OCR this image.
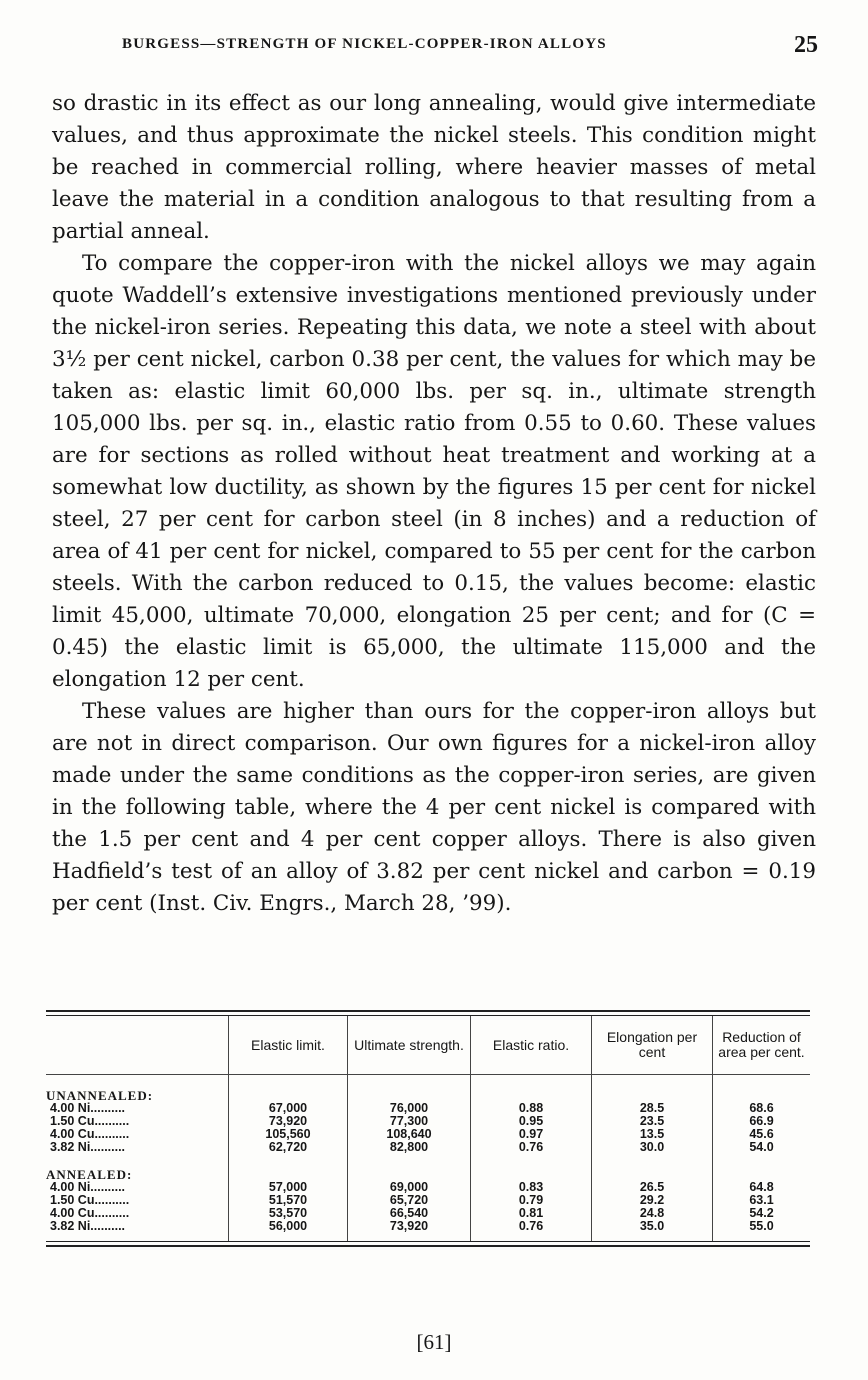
BURGESS—STRENGTH OF NICKEL-COPPER-IRON ALLOYS	25

so drastic in its effect as our long annealing, would give intermediate values, and thus approximate the nickel steels. This condition might be reached in commercial rolling, where heavier masses of metal leave the material in a condition analogous to that resulting from a partial anneal.

To compare the copper-iron with the nickel alloys we may again quote Waddell’s extensive investigations mentioned previously under the nickel-iron series. Repeating this data, we note a steel with about 3½ per cent nickel, carbon 0.38 per cent, the values for which may be taken as: elastic limit 60,000 lbs. per sq. in., ultimate strength 105,000 lbs. per sq. in., elastic ratio from 0.55 to 0.60. These values are for sections as rolled without heat treatment and working at a somewhat low ductility, as shown by the figures 15 per cent for nickel steel, 27 per cent for carbon steel (in 8 inches) and a reduction of area of 41 per cent for nickel, compared to 55 per cent for the carbon steels. With the carbon reduced to 0.15, the values become: elastic limit 45,000, ultimate 70,000, elongation 25 per cent; and for (C = 0.45) the elastic limit is 65,000, the ultimate 115,000 and the elongation 12 per cent.

These values are higher than ours for the copper-iron alloys but are not in direct comparison. Our own figures for a nickel-iron alloy made under the same conditions as the copper-iron series, are given in the following table, where the 4 per cent nickel is compared with the 1.5 per cent and 4 per cent copper alloys. There is also given Hadfield’s test of an alloy of 3.82 per cent nickel and carbon = 0.19 per cent (Inst. Civ. Engrs., March 28, ’99).

	Elastic limit.	Ultimate strength.	Elastic ratio.	Elongation per cent	Reduction of area per cent.
UNANNEALED:					
4.00 Ni..........	67,000	76,000	0.88	28.5	68.6
1.50 Cu..........	73,920	77,300	0.95	23.5	66.9
4.00 Cu..........	105,560	108,640	0.97	13.5	45.6
3.82 Ni..........	62,720	82,800	0.76	30.0	54.0

ANNEALED:					
4.00 Ni..........	57,000	69,000	0.83	26.5	64.8
1.50 Cu..........	51,570	65,720	0.79	29.2	63.1
4.00 Cu..........	53,570	66,540	0.81	24.8	54.2
3.82 Ni..........	56,000	73,920	0.76	35.0	55.0
[61]
